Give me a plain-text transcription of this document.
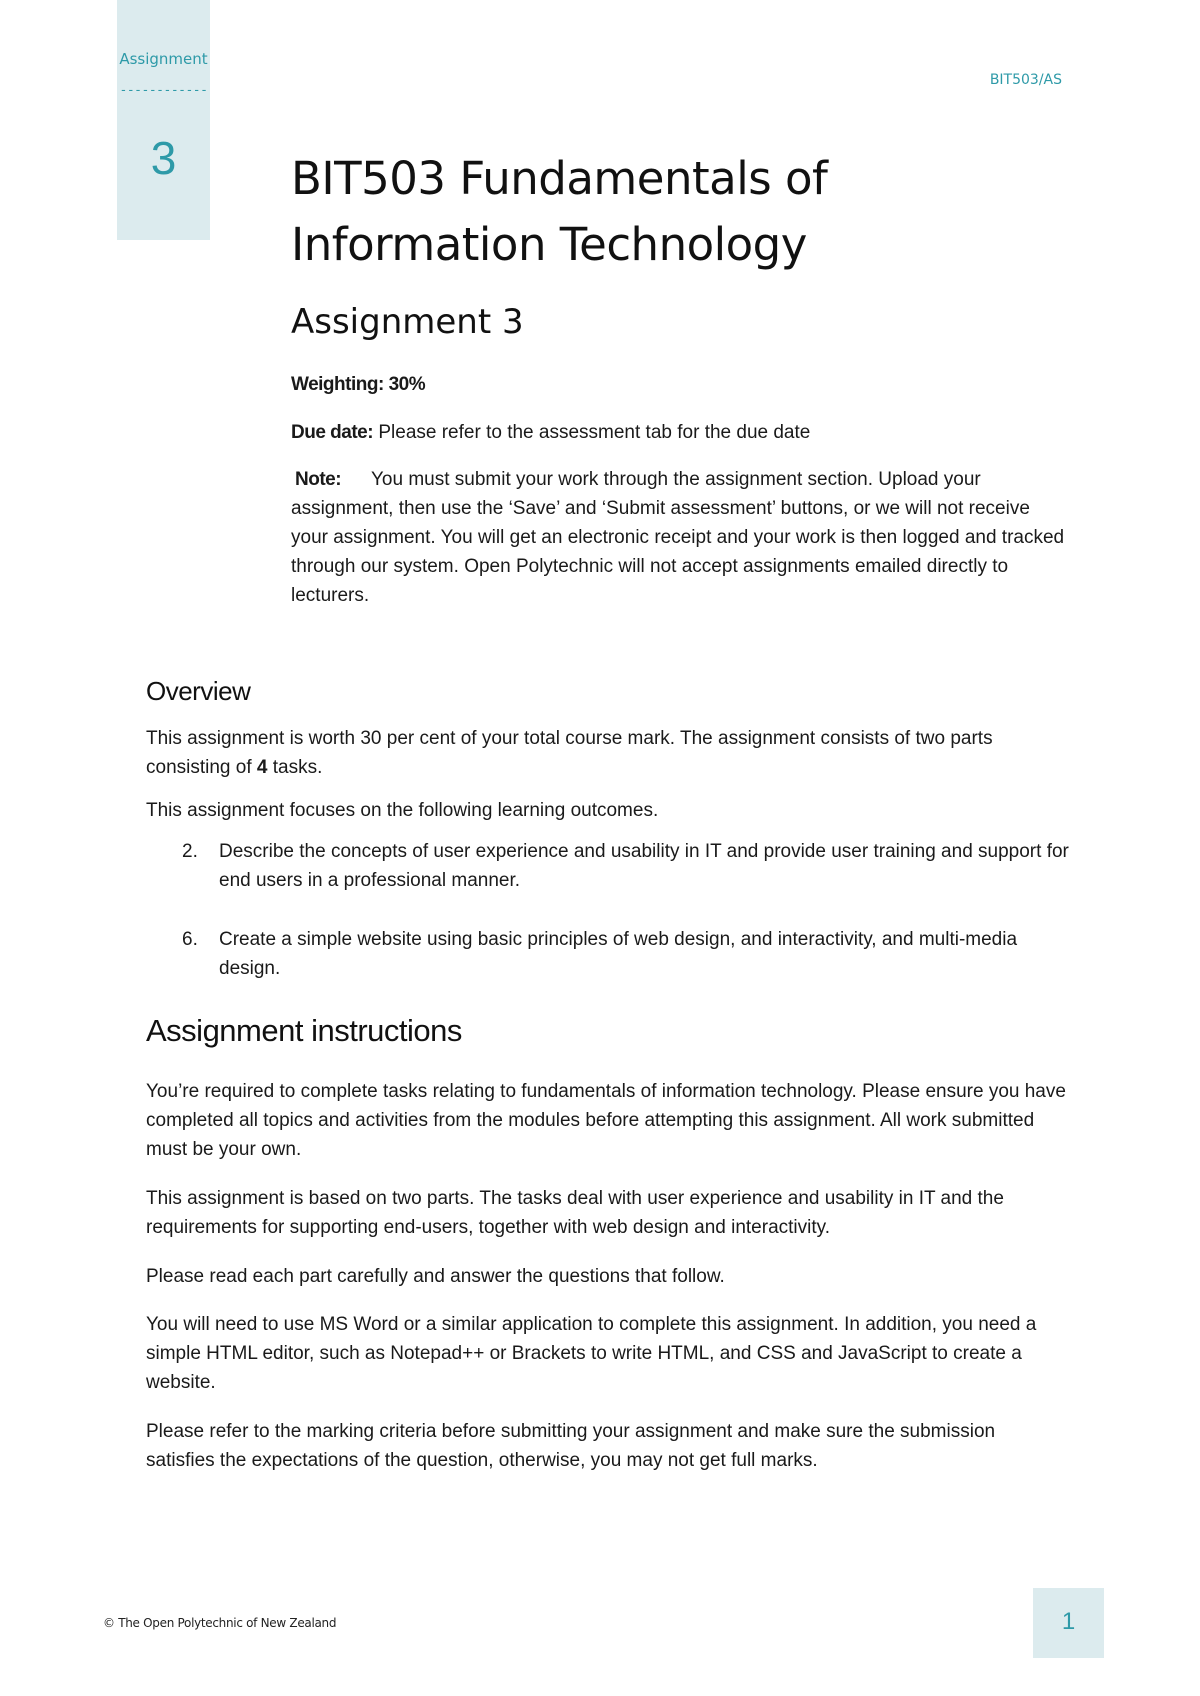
Assignment
------------
3
BIT503/AS
BIT503 Fundamentals of Information Technology
Assignment 3
Weighting: 30%
Due date: Please refer to the assessment tab for the due date
Note: You must submit your work through the assignment section. Upload your assignment, then use the ‘Save’ and ‘Submit assessment’ buttons, or we will not receive your assignment. You will get an electronic receipt and your work is then logged and tracked through our system. Open Polytechnic will not accept assignments emailed directly to lecturers.
Overview
This assignment is worth 30 per cent of your total course mark. The assignment consists of two parts consisting of 4 tasks.
This assignment focuses on the following learning outcomes.
2. Describe the concepts of user experience and usability in IT and provide user training and support for end users in a professional manner.
6. Create a simple website using basic principles of web design, and interactivity, and multi-media design.
Assignment instructions
You’re required to complete tasks relating to fundamentals of information technology. Please ensure you have completed all topics and activities from the modules before attempting this assignment. All work submitted must be your own.
This assignment is based on two parts. The tasks deal with user experience and usability in IT and the requirements for supporting end-users, together with web design and interactivity.
Please read each part carefully and answer the questions that follow.
You will need to use MS Word or a similar application to complete this assignment. In addition, you need a simple HTML editor, such as Notepad++ or Brackets to write HTML, and CSS and JavaScript to create a website.
Please refer to the marking criteria before submitting your assignment and make sure the submission satisfies the expectations of the question, otherwise, you may not get full marks.
© The Open Polytechnic of New Zealand	1
